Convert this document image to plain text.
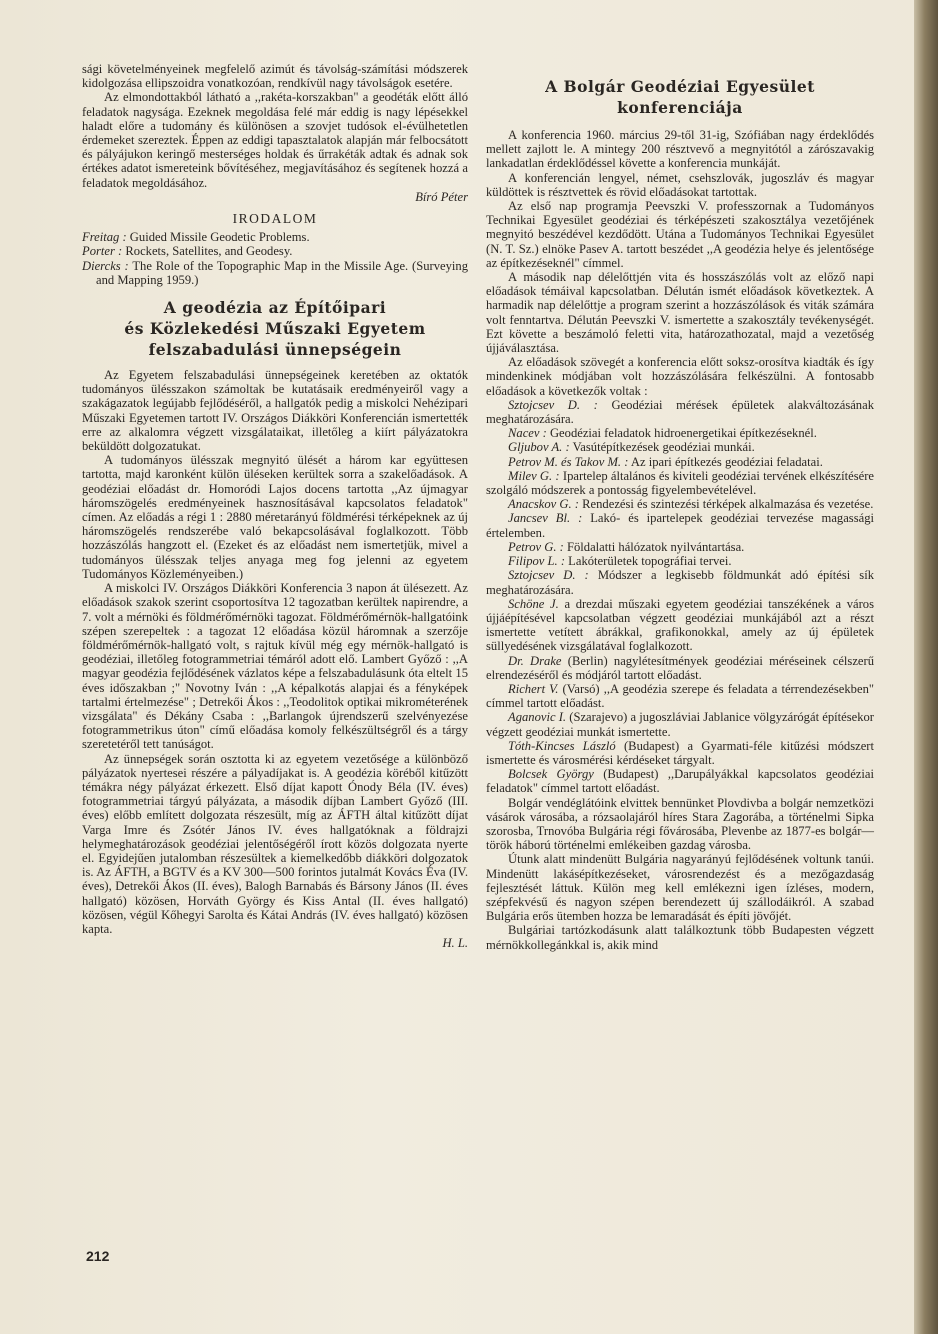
sági követelményeinek megfelelő azimút és távolság-számítási módszerek kidolgozása ellipszoidra vonatkozóan, rendkívül nagy távolságok esetére.

Az elmondottakból látható a ,,rakéta-korszakban" a geodéták előtt álló feladatok nagysága. Ezeknek megoldása felé már eddig is nagy lépésekkel haladt előre a tudomány és különösen a szovjet tudósok el-évülhetetlen érdemeket szereztek. Éppen az eddigi tapasztalatok alapján már felbocsátott és pályájukon keringő mesterséges holdak és űrrakéták adtak és adnak sok értékes adatot ismereteink bővítéséhez, megjavításához és segítenek hozzá a feladatok megoldásához.

Bíró Péter

IRODALOM

Freitag : Guided Missile Geodetic Problems.

Porter : Rockets, Satellites, and Geodesy.

Diercks : The Role of the Topographic Map in the Missile Age. (Surveying and Mapping 1959.)

A geodézia az Építőipari
és Közlekedési Műszaki Egyetem
felszabadulási ünnepségein

Az Egyetem felszabadulási ünnepségeinek keretében az oktatók tudományos ülésszakon számoltak be kutatásaik eredményeiről vagy a szakágazatok legújabb fejlődéséről, a hallgatók pedig a miskolci Nehézipari Műszaki Egyetemen tartott IV. Országos Diákköri Konferencián ismertették erre az alkalomra végzett vizsgálataikat, illetőleg a kiírt pályázatokra beküldött dolgozatukat.

A tudományos ülésszak megnyitó ülését a három kar együttesen tartotta, majd karonként külön üléseken kerültek sorra a szakelőadások. A geodéziai előadást dr. Homoródi Lajos docens tartotta ,,Az újmagyar háromszögelés eredményeinek hasznosításával kapcsolatos feladatok" címen. Az előadás a régi 1 : 2880 méretarányú földmérési térképeknek az új háromszögelés rendszerébe való bekapcsolásával foglalkozott. Több hozzászólás hangzott el. (Ezeket és az előadást nem ismertetjük, mivel a tudományos ülésszak teljes anyaga meg fog jelenni az egyetem Tudományos Közleményeiben.)

A miskolci IV. Országos Diákköri Konferencia 3 napon át ülésezett. Az előadások szakok szerint csoportosítva 12 tagozatban kerültek napirendre, a 7. volt a mérnöki és földmérőmérnöki tagozat. Földmérőmérnök-hallgatóink szépen szerepeltek : a tagozat 12 előadása közül háromnak a szerzője földmérőmérnök-hallgató volt, s rajtuk kívül még egy mérnök-hallgató is geodéziai, illetőleg fotogrammetriai témáról adott elő. Lambert Győző : ,,A magyar geodézia fejlődésének vázlatos képe a felszabadulásunk óta eltelt 15 éves időszakban ;" Novotny Iván : ,,A képalkotás alapjai és a fényképek tartalmi értelmezése" ; Detrekői Ákos : ,,Teodolitok optikai mikrométerének vizsgálata" és Dékány Csaba : ,,Barlangok újrendszerű szelvényezése fotogrammetrikus úton" című előadása komoly felkészültségről és a tárgy szeretetéről tett tanúságot.

Az ünnepségek során osztotta ki az egyetem vezetősége a különböző pályázatok nyertesei részére a pályadíjakat is. A geodézia köréből kitűzött témákra négy pályázat érkezett. Első díjat kapott Ónody Béla (IV. éves) fotogrammetriai tárgyú pályázata, a második díjban Lambert Győző (III. éves) előbb említett dolgozata részesült, míg az ÁFTH által kitűzött díjat Varga Imre és Zsótér János IV. éves hallgatóknak a földrajzi helymeghatározások geodéziai jelentőségéről írott közös dolgozata nyerte el. Egyidejűen jutalomban részesültek a kiemelkedőbb diákköri dolgozatok is. Az ÁFTH, a BGTV és a KV 300—500 forintos jutalmát Kovács Éva (IV. éves), Detrekői Ákos (II. éves), Balogh Barnabás és Bársony János (II. éves hallgató) közösen, Horváth György és Kiss Antal (II. éves hallgató) közösen, végül Kőhegyi Sarolta és Kátai András (IV. éves hallgató) közösen kapta.

H. L.

A Bolgár Geodéziai Egyesület
konferenciája

A konferencia 1960. március 29-től 31-ig, Szófiában nagy érdeklődés mellett zajlott le. A mintegy 200 résztvevő a megnyitótól a zárószavakig lankadatlan érdeklődéssel követte a konferencia munkáját.

A konferencián lengyel, német, csehszlovák, jugoszláv és magyar küldöttek is résztvettek és rövid előadásokat tartottak.

Az első nap programja Peevszki V. professzornak a Tudományos Technikai Egyesület geodéziai és térképészeti szakosztálya vezetőjének megnyitó beszédével kezdődött. Utána a Tudományos Technikai Egyesület (N. T. Sz.) elnöke Pasev A. tartott beszédet ,,A geodézia helye és jelentősége az építkezéseknél" címmel.

A második nap délelőttjén vita és hosszászólás volt az előző napi előadások témáival kapcsolatban. Délután ismét előadások következtek. A harmadik nap délelőttje a program szerint a hozzászólások és viták számára volt fenntartva. Délután Peevszki V. ismertette a szakosztály tevékenységét. Ezt követte a beszámoló feletti vita, határozathozatal, majd a vezetőség újjáválasztása.

Az előadások szövegét a konferencia előtt soksz-orosítva kiadták és így mindenkinek módjában volt hozzászólására felkészülni. A fontosabb előadások a következők voltak :

Sztojcsev D. : Geodéziai mérések épületek alakváltozásának meghatározására.

Nacev : Geodéziai feladatok hidroenergetikai építkezéseknél.

Gljubov A. : Vasútépítkezések geodéziai munkái.

Petrov M. és Takov M. : Az ipari építkezés geodéziai feladatai.

Milev G. : Ipartelep általános és kiviteli geodéziai tervének elkészítésére szolgáló módszerek a pontosság figyelembevételével.

Anacskov G. : Rendezési és szintezési térképek alkalmazása és vezetése.

Jancsev Bl. : Lakó- és ipartelepek geodéziai tervezése magassági értelemben.

Petrov G. : Földalatti hálózatok nyilvántartása.

Filipov L. : Lakóterületek topográfiai tervei.

Sztojcsev D. : Módszer a legkisebb földmunkát adó építési sík meghatározására.

Schöne J. a drezdai műszaki egyetem geodéziai tanszékének a város újjáépítésével kapcsolatban végzett geodéziai munkájából azt a részt ismertette vetített ábrákkal, grafikonokkal, amely az új épületek süllyedésének vizsgálatával foglalkozott.

Dr. Drake (Berlin) nagylétesítmények geodéziai méréseinek célszerű elrendezéséről és módjáról tartott előadást.

Richert V. (Varsó) ,,A geodézia szerepe és feladata a térrendezésekben" címmel tartott előadást.

Aganovic I. (Szarajevo) a jugoszláviai Jablanice völgyzárógát építésekor végzett geodéziai munkát ismertette.

Tóth-Kincses László (Budapest) a Gyarmati-féle kitűzési módszert ismertette és városmérési kérdéseket tárgyalt.

Bolcsek György (Budapest) ,,Darupályákkal kapcsolatos geodéziai feladatok" címmel tartott előadást.

Bolgár vendéglátóink elvittek bennünket Plovdivba a bolgár nemzetközi vásárok városába, a rózsaolajáról híres Stara Zagorába, a történelmi Sipka szorosba, Trnovóba Bulgária régi fővárosába, Plevenbe az 1877-es bolgár—török háború történelmi emlékeiben gazdag városba.

Útunk alatt mindenütt Bulgária nagyarányú fejlődésének voltunk tanúi. Mindenütt lakásépítkezéseket, városrendezést és a mezőgazdaság fejlesztését láttuk. Külön meg kell emlékezni igen ízléses, modern, szépfekvésű és nagyon szépen berendezett új szállodáikról. A szabad Bulgária erős ütemben hozza be lemaradását és építi jövőjét.

Bulgáriai tartózkodásunk alatt találkoztunk több Budapesten végzett mérnökkollegánkkal is, akik mind

212
